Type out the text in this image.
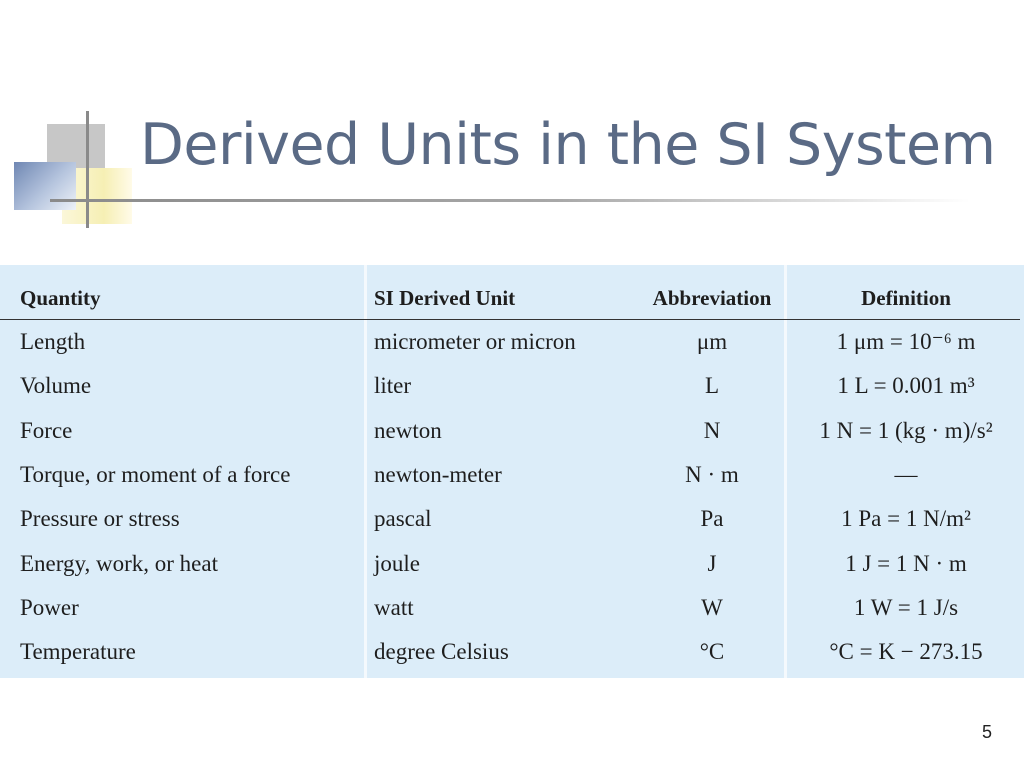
Derived Units in the SI System
Quantity	SI Derived Unit	Abbreviation	Definition
Length	micrometer or micron	μm	1 μm = 10⁻⁶ m
Volume	liter	L	1 L = 0.001 m³
Force	newton	N	1 N = 1 (kg · m)/s²
Torque, or moment of a force	newton-meter	N · m	—
Pressure or stress	pascal	Pa	1 Pa = 1 N/m²
Energy, work, or heat	joule	J	1 J = 1 N · m
Power	watt	W	1 W = 1 J/s
Temperature	degree Celsius	°C	°C = K − 273.15
5
